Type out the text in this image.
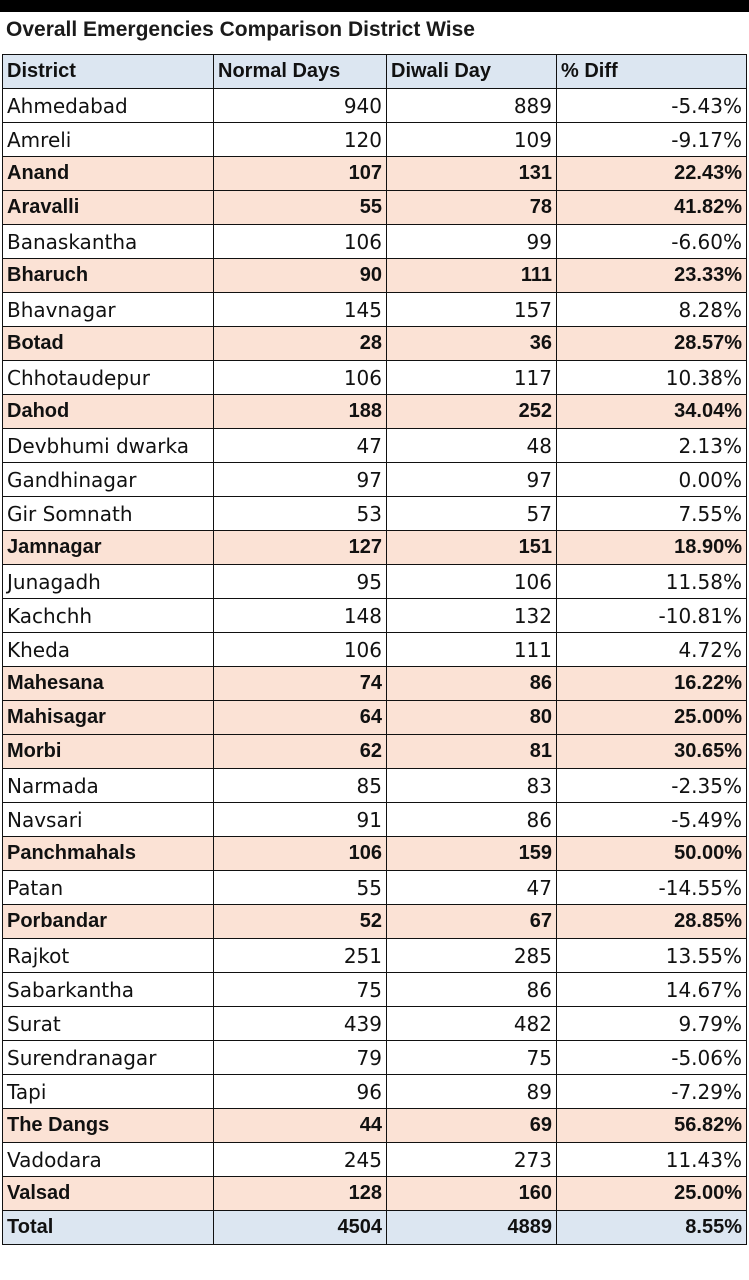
Overall Emergencies Comparison District Wise
District	Normal Days	Diwali Day	% Diff
Ahmedabad	940	889	-5.43%
Amreli	120	109	-9.17%
Anand	107	131	22.43%
Aravalli	55	78	41.82%
Banaskantha	106	99	-6.60%
Bharuch	90	111	23.33%
Bhavnagar	145	157	8.28%
Botad	28	36	28.57%
Chhotaudepur	106	117	10.38%
Dahod	188	252	34.04%
Devbhumi dwarka	47	48	2.13%
Gandhinagar	97	97	0.00%
Gir Somnath	53	57	7.55%
Jamnagar	127	151	18.90%
Junagadh	95	106	11.58%
Kachchh	148	132	-10.81%
Kheda	106	111	4.72%
Mahesana	74	86	16.22%
Mahisagar	64	80	25.00%
Morbi	62	81	30.65%
Narmada	85	83	-2.35%
Navsari	91	86	-5.49%
Panchmahals	106	159	50.00%
Patan	55	47	-14.55%
Porbandar	52	67	28.85%
Rajkot	251	285	13.55%
Sabarkantha	75	86	14.67%
Surat	439	482	9.79%
Surendranagar	79	75	-5.06%
Tapi	96	89	-7.29%
The Dangs	44	69	56.82%
Vadodara	245	273	11.43%
Valsad	128	160	25.00%
Total	4504	4889	8.55%
